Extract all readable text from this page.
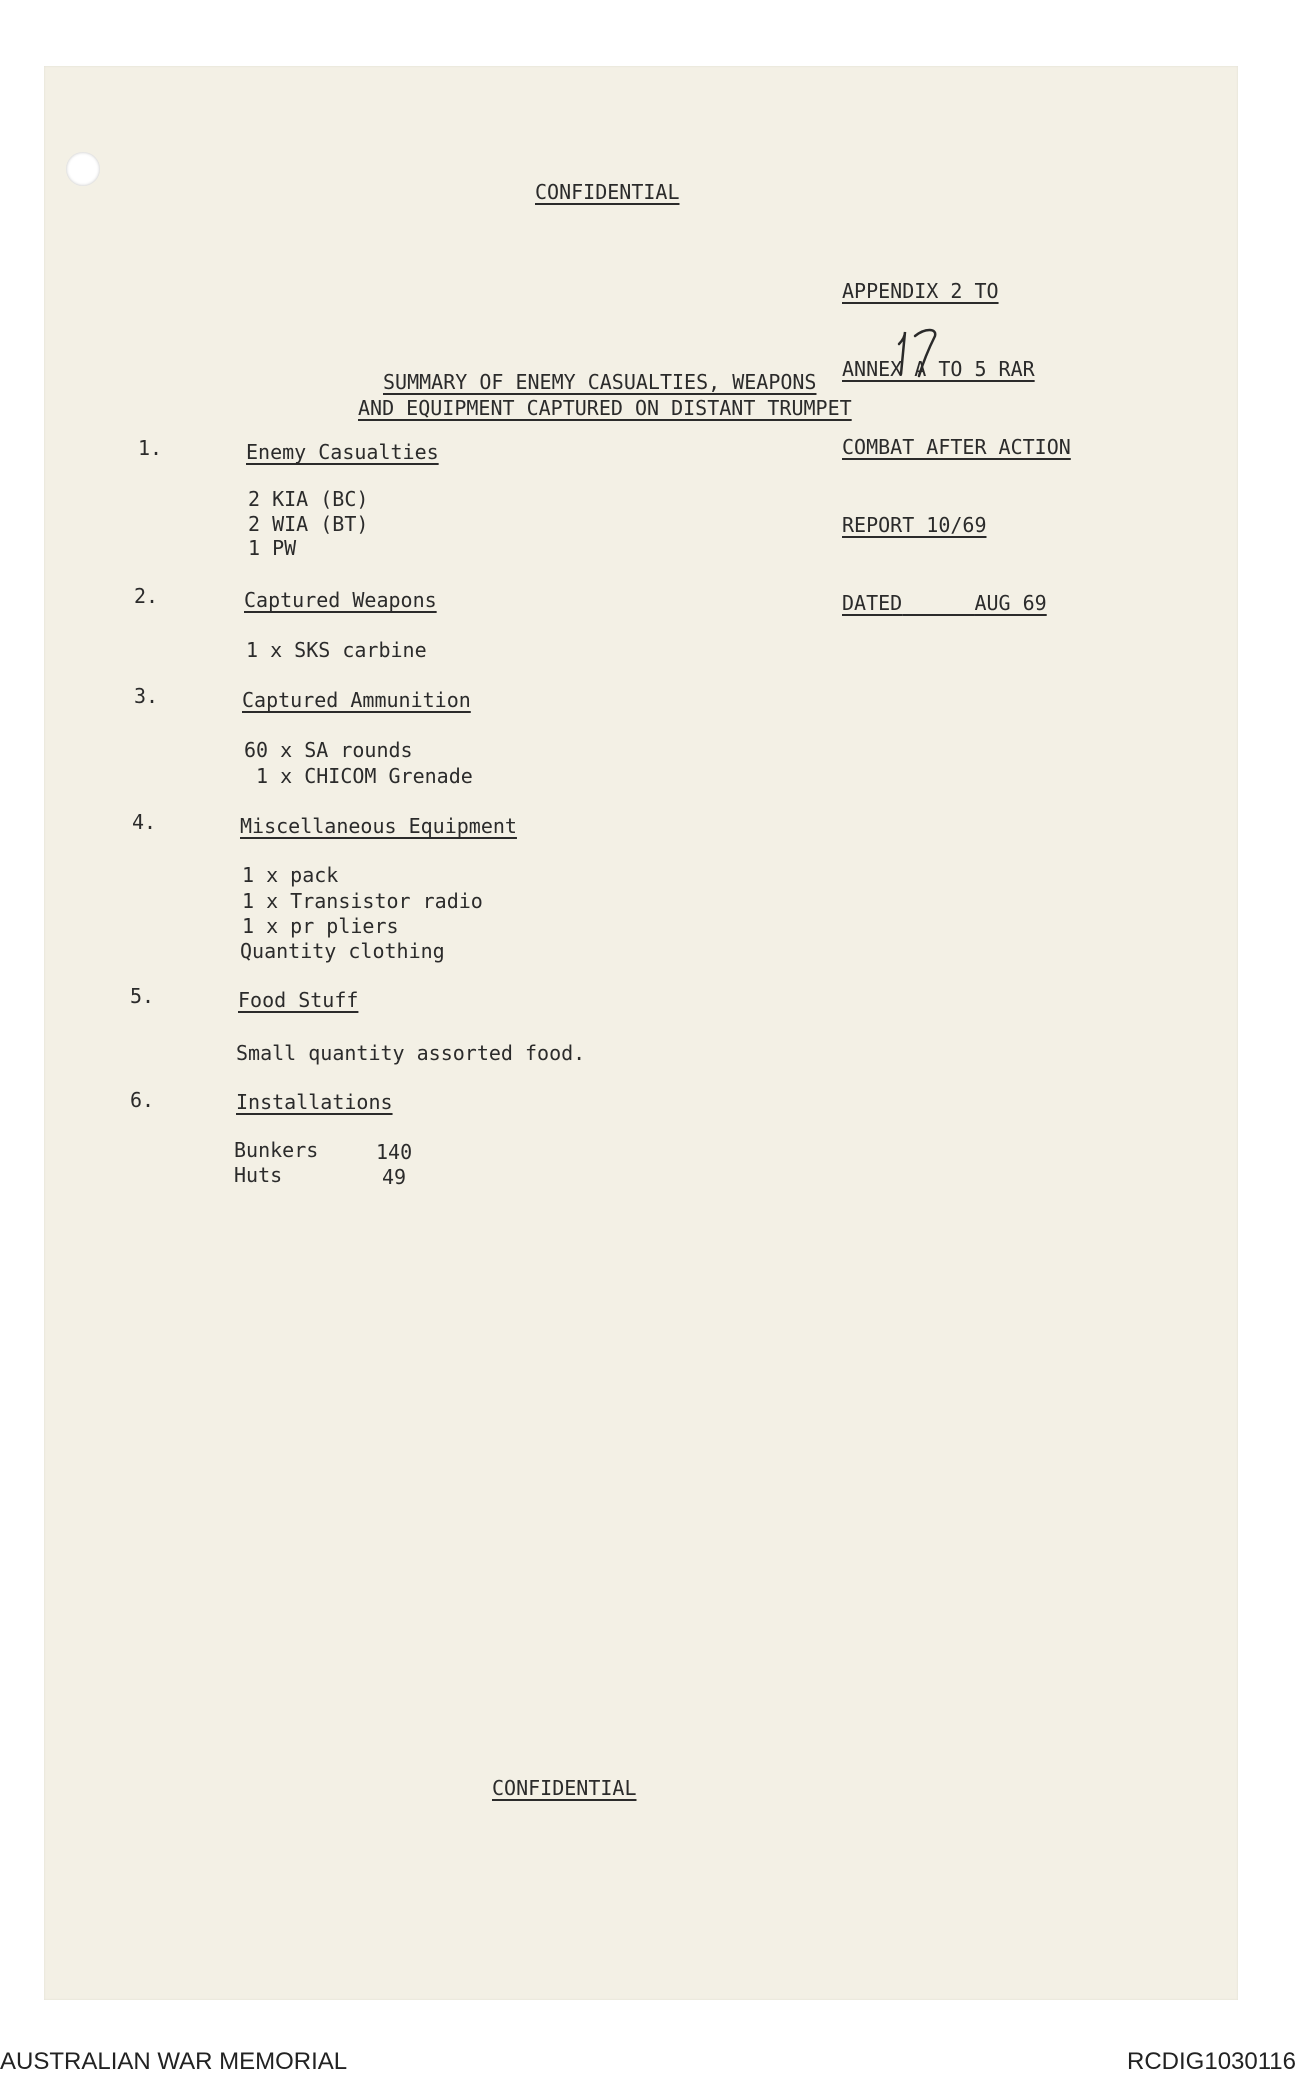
CONFIDENTIAL

APPENDIX 2 TO

ANNEX A TO 5 RAR

COMBAT AFTER ACTION

REPORT 10/69

DATED	AUG 69

SUMMARY OF ENEMY CASUALTIES, WEAPONS
AND EQUIPMENT CAPTURED ON DISTANT TRUMPET
1.	Enemy Casualties
2 KIA (BC)
2 WIA (BT)
1 PW
2.	Captured Weapons
1 x SKS carbine
3.	Captured Ammunition
60 x SA rounds
1 x CHICOM Grenade
4.	Miscellaneous Equipment
1 x pack
1 x Transistor radio
1 x pr pliers
Quantity clothing
5.	Food Stuff
Small quantity assorted food.
6.	Installations
Bunkers	140
Huts	49
CONFIDENTIAL
AUSTRALIAN WAR MEMORIAL	RCDIG1030116
